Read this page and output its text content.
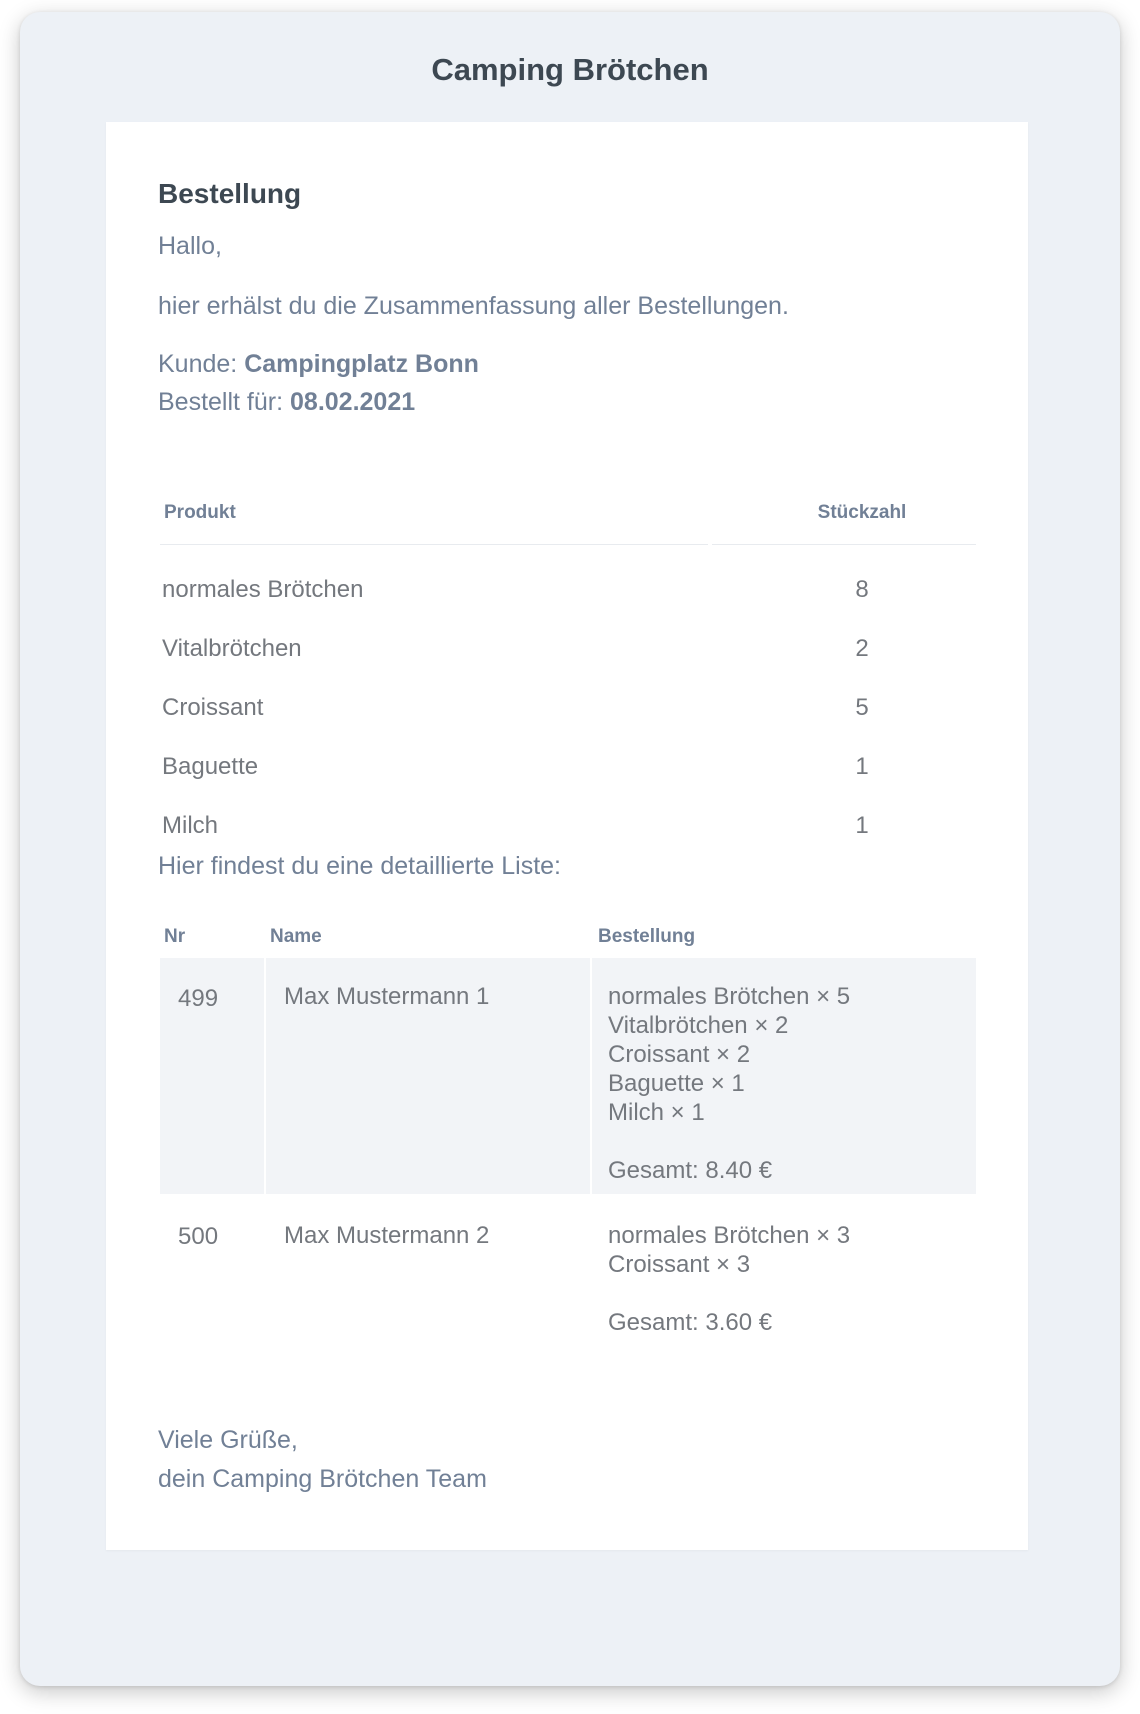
Camping Brötchen
Bestellung
Hallo,
hier erhälst du die Zusammenfassung aller Bestellungen.
Kunde: Campingplatz Bonn
Bestellt für: 08.02.2021
Produkt	Stückzahl
normales Brötchen	8
Vitalbrötchen	2
Croissant	5
Baguette	1
Milch	1
Hier findest du eine detaillierte Liste:
Nr	Name	Bestellung
499	Max Mustermann 1	normales Brötchen × 5
Vitalbrötchen × 2
Croissant × 2
Baguette × 1
Milch × 1
Gesamt: 8.40 €
500	Max Mustermann 2	normales Brötchen × 3
Croissant × 3
Gesamt: 3.60 €
Viele Grüße,
dein Camping Brötchen Team
